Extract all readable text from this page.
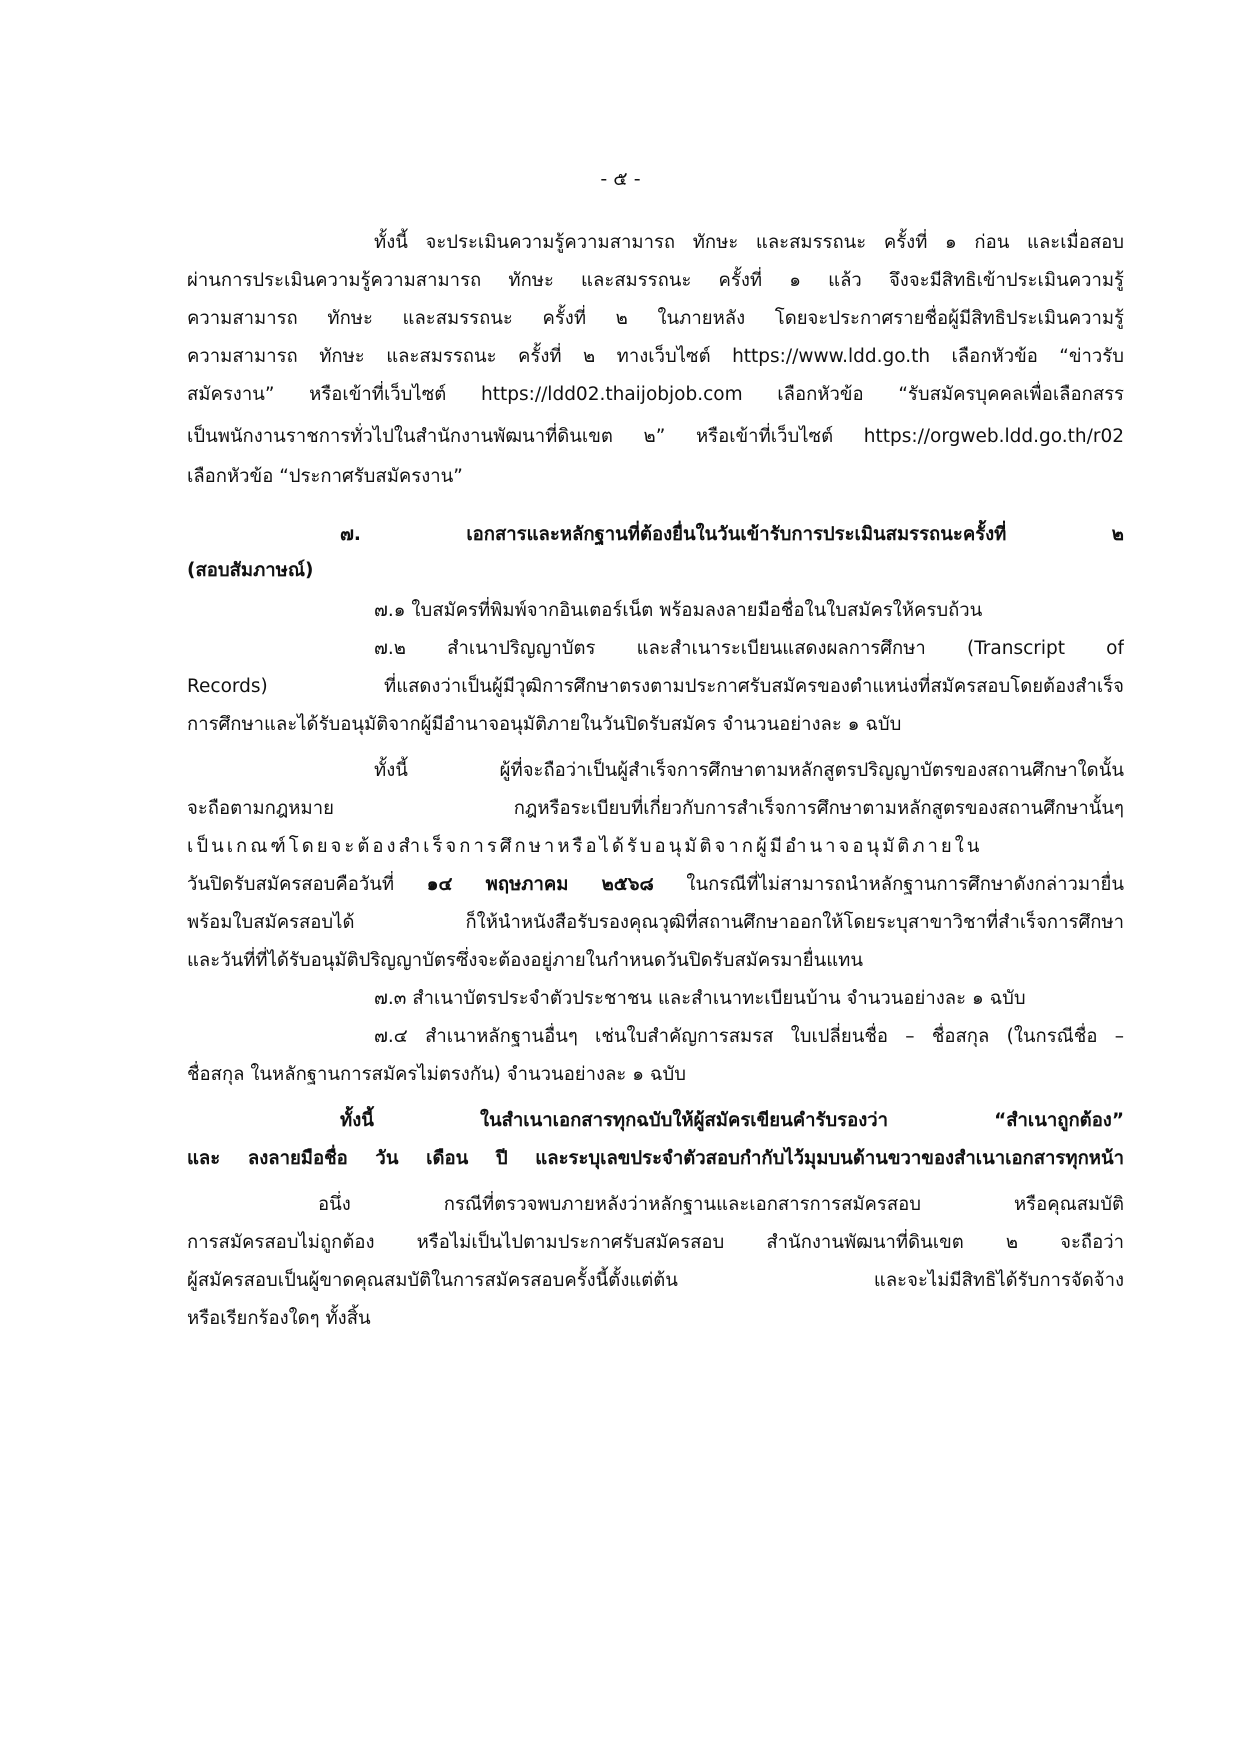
- ๕ -
ทั้งนี้ จะประเมินความรู้ความสามารถ ทักษะ และสมรรถนะ ครั้งที่ ๑ ก่อน และเมื่อสอบ
ผ่านการประเมินความรู้ความสามารถ ทักษะ และสมรรถนะ ครั้งที่ ๑ แล้ว จึงจะมีสิทธิเข้าประเมินความรู้
ความสามารถ ทักษะ และสมรรถนะ ครั้งที่ ๒ ในภายหลัง โดยจะประกาศรายชื่อผู้มีสิทธิประเมินความรู้
ความสามารถ ทักษะ และสมรรถนะ ครั้งที่ ๒ ทางเว็บไซต์ https://www.ldd.go.th เลือกหัวข้อ “ข่าวรับ
สมัครงาน” หรือเข้าที่เว็บไซต์ https://ldd02.thaijobjob.com เลือกหัวข้อ “รับสมัครบุคคลเพื่อเลือกสรร
เป็นพนักงานราชการทั่วไปในสำนักงานพัฒนาที่ดินเขต ๒” หรือเข้าที่เว็บไซต์ https://orgweb.ldd.go.th/r02
เลือกหัวข้อ “ประกาศรับสมัครงาน”
๗. เอกสารและหลักฐานที่ต้องยื่นในวันเข้ารับการประเมินสมรรถนะครั้งที่ ๒
(สอบสัมภาษณ์)
๗.๑ ใบสมัครที่พิมพ์จากอินเตอร์เน็ต พร้อมลงลายมือชื่อในใบสมัครให้ครบถ้วน
๗.๒ สำเนาปริญญาบัตร และสำเนาระเบียนแสดงผลการศึกษา (Transcript of
Records) ที่แสดงว่าเป็นผู้มีวุฒิการศึกษาตรงตามประกาศรับสมัครของตำแหน่งที่สมัครสอบโดยต้องสำเร็จ
การศึกษาและได้รับอนุมัติจากผู้มีอำนาจอนุมัติภายในวันปิดรับสมัคร จำนวนอย่างละ ๑ ฉบับ
ทั้งนี้ ผู้ที่จะถือว่าเป็นผู้สำเร็จการศึกษาตามหลักสูตรปริญญาบัตรของสถานศึกษาใดนั้น
จะถือตามกฎหมาย กฎหรือระเบียบที่เกี่ยวกับการสำเร็จการศึกษาตามหลักสูตรของสถานศึกษานั้นๆ
เป็นเกณฑ์โดยจะต้องสำเร็จการศึกษาหรือได้รับอนุมัติจากผู้มีอำนาจอนุมัติภายใน
วันปิดรับสมัครสอบคือวันที่ ๑๔ พฤษภาคม ๒๕๖๘ ในกรณีที่ไม่สามารถนำหลักฐานการศึกษาดังกล่าวมายื่น
พร้อมใบสมัครสอบได้ ก็ให้นำหนังสือรับรองคุณวุฒิที่สถานศึกษาออกให้โดยระบุสาขาวิชาที่สำเร็จการศึกษา
และวันที่ที่ได้รับอนุมัติปริญญาบัตรซึ่งจะต้องอยู่ภายในกำหนดวันปิดรับสมัครมายื่นแทน
๗.๓ สำเนาบัตรประจำตัวประชาชน และสำเนาทะเบียนบ้าน จำนวนอย่างละ ๑ ฉบับ
๗.๔ สำเนาหลักฐานอื่นๆ เช่นใบสำคัญการสมรส ใบเปลี่ยนชื่อ – ชื่อสกุล (ในกรณีชื่อ –
ชื่อสกุล ในหลักฐานการสมัครไม่ตรงกัน) จำนวนอย่างละ ๑ ฉบับ
ทั้งนี้ ในสำเนาเอกสารทุกฉบับให้ผู้สมัครเขียนคำรับรองว่า “สำเนาถูกต้อง”
และ ลงลายมือชื่อ วัน เดือน ปี และระบุเลขประจำตัวสอบกำกับไว้มุมบนด้านขวาของสำเนาเอกสารทุกหน้า
อนึ่ง กรณีที่ตรวจพบภายหลังว่าหลักฐานและเอกสารการสมัครสอบ หรือคุณสมบัติ
การสมัครสอบไม่ถูกต้อง หรือไม่เป็นไปตามประกาศรับสมัครสอบ สำนักงานพัฒนาที่ดินเขต ๒ จะถือว่า
ผู้สมัครสอบเป็นผู้ขาดคุณสมบัติในการสมัครสอบครั้งนี้ตั้งแต่ต้น และจะไม่มีสิทธิได้รับการจัดจ้าง
หรือเรียกร้องใดๆ ทั้งสิ้น
